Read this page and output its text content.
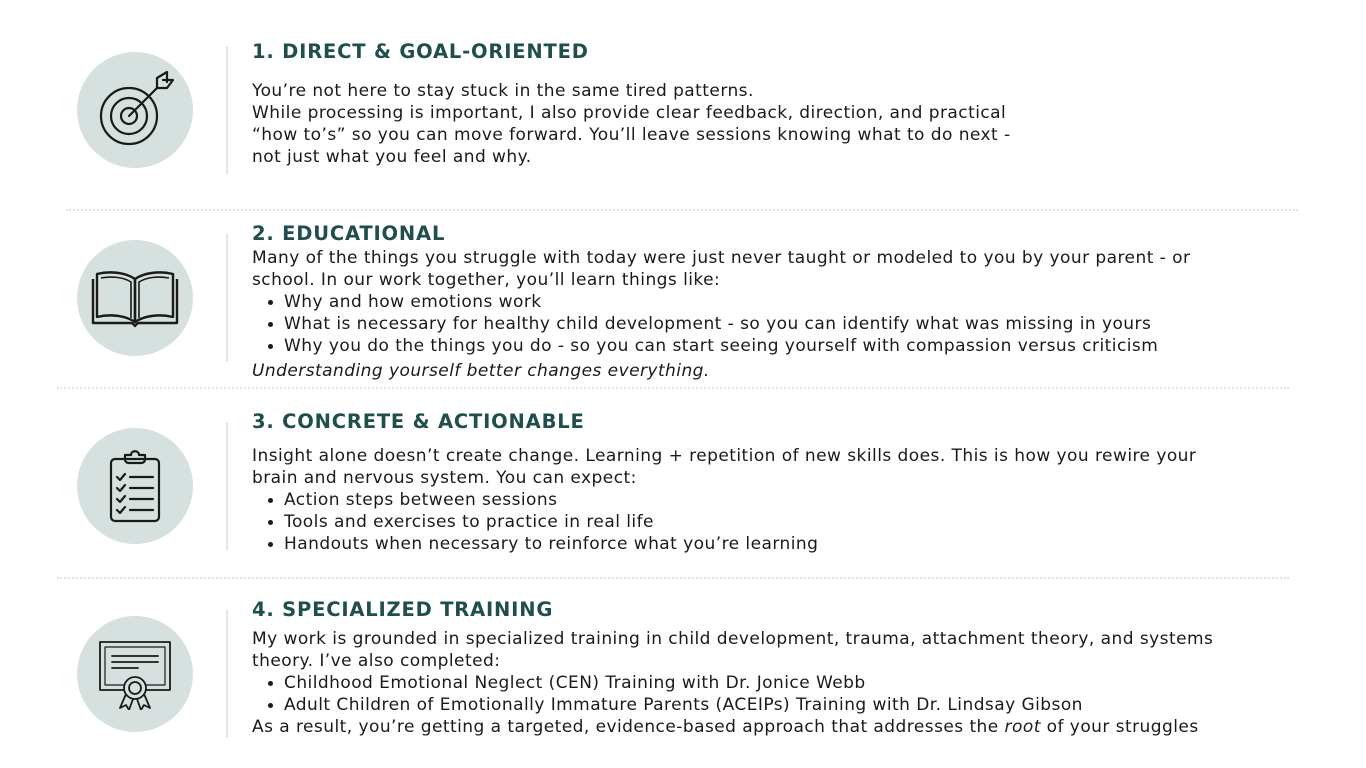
1. DIRECT & GOAL-ORIENTED

You’re not here to stay stuck in the same tired patterns.

While processing is important, I also provide clear feedback, direction, and practical

“how to’s” so you can move forward. You’ll leave sessions knowing what to do next -

not just what you feel and why.

2. EDUCATIONAL

Many of the things you struggle with today were just never taught or modeled to you by your parent - or

school. In our work together, you’ll learn things like:

Why and how emotions work
What is necessary for healthy child development - so you can identify what was missing in yours
Why you do the things you do - so you can start seeing yourself with compassion versus criticism

Understanding yourself better changes everything.

3. CONCRETE & ACTIONABLE

Insight alone doesn’t create change. Learning + repetition of new skills does. This is how you rewire your

brain and nervous system. You can expect:

Action steps between sessions
Tools and exercises to practice in real life
Handouts when necessary to reinforce what you’re learning
4. SPECIALIZED TRAINING

My work is grounded in specialized training in child development, trauma, attachment theory, and systems

theory. I’ve also completed:

Childhood Emotional Neglect (CEN) Training with Dr. Jonice Webb
Adult Children of Emotionally Immature Parents (ACEIPs) Training with Dr. Lindsay Gibson

As a result, you’re getting a targeted, evidence-based approach that addresses the root of your struggles
